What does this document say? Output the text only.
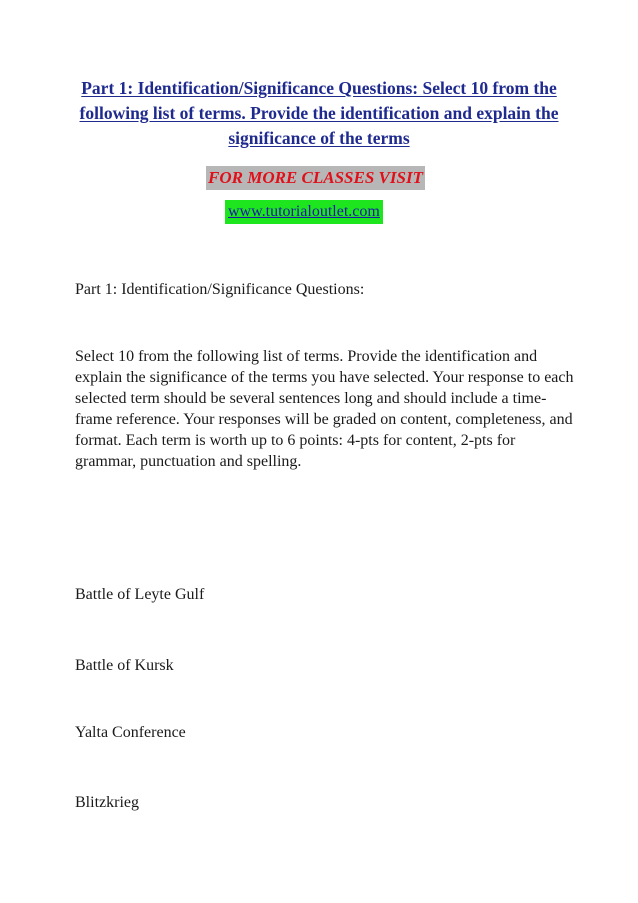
Part 1: Identification/Significance Questions: Select 10 from the following list of terms. Provide the identification and explain the significance of the terms
FOR MORE CLASSES VISIT
www.tutorialoutlet.com

Part 1: Identification/Significance Questions:

Select 10 from the following list of terms. Provide the identification and explain the significance of the terms you have selected. Your response to each selected term should be several sentences long and should include a time-frame reference. Your responses will be graded on content, completeness, and format. Each term is worth up to 6 points: 4-pts for content, 2-pts for grammar, punctuation and spelling.

Battle of Leyte Gulf
Battle of Kursk
Yalta Conference
Blitzkrieg
